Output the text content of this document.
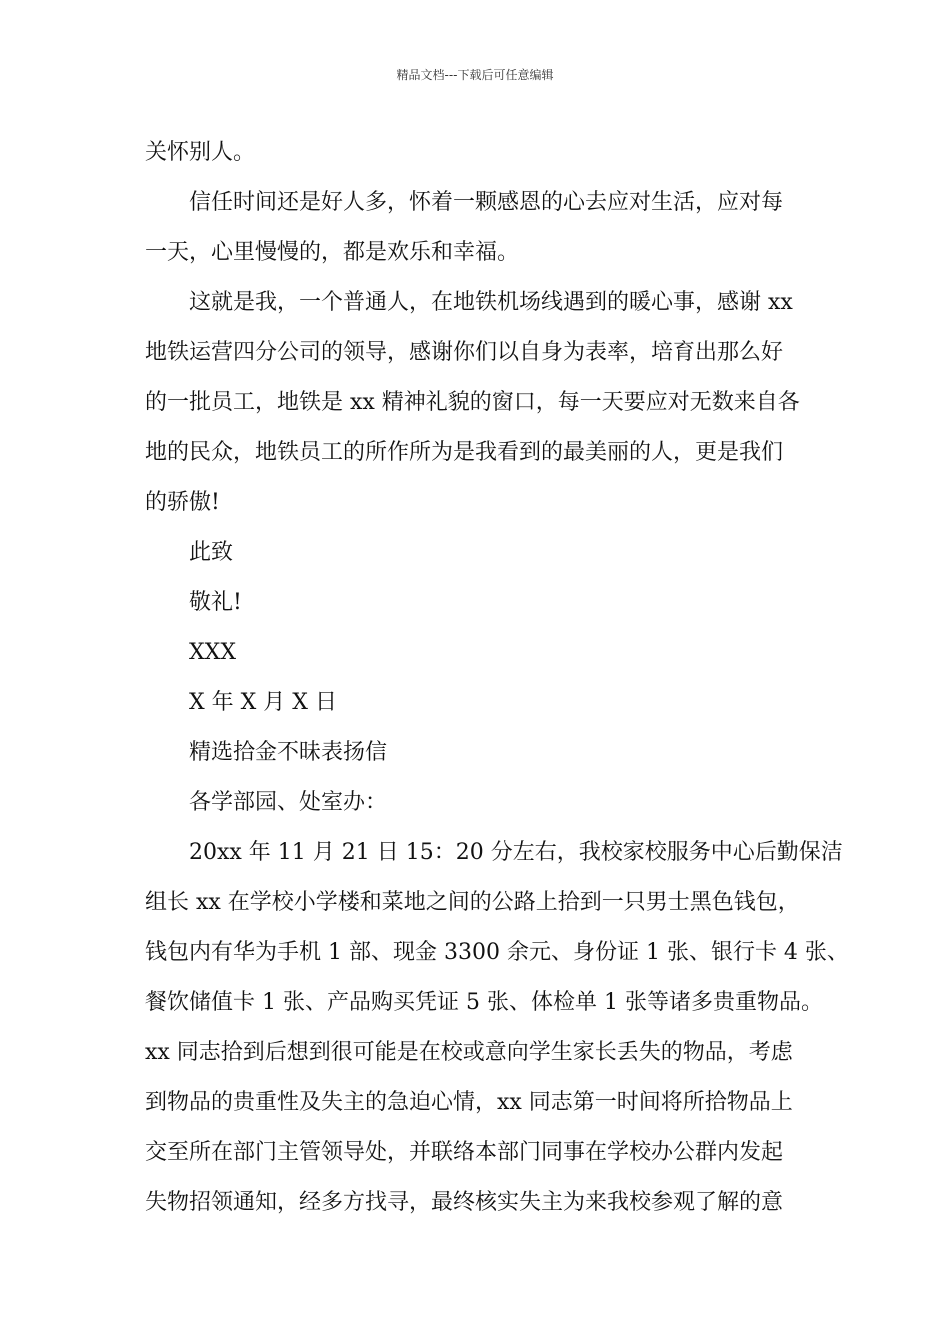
精品文档---下载后可任意编辑
关怀别人。
信任时间还是好人多，怀着一颗感恩的心去应对生活，应对每
一天，心里慢慢的，都是欢乐和幸福。
这就是我，一个普通人，在地铁机场线遇到的暖心事，感谢 xx
地铁运营四分公司的领导，感谢你们以自身为表率，培育出那么好
的一批员工，地铁是 xx 精神礼貌的窗口，每一天要应对无数来自各
地的民众，地铁员工的所作所为是我看到的最美丽的人，更是我们
的骄傲!
此致
敬礼!
XXX
X 年 X 月 X 日
精选拾金不昧表扬信
各学部园、处室办：
20xx 年 11 月 21 日 15：20 分左右，我校家校服务中心后勤保洁
组长 xx 在学校小学楼和菜地之间的公路上拾到一只男士黑色钱包，
钱包内有华为手机 1 部、现金 3300 余元、身份证 1 张、银行卡 4 张、
餐饮储值卡 1 张、产品购买凭证 5 张、体检单 1 张等诸多贵重物品。
xx 同志拾到后想到很可能是在校或意向学生家长丢失的物品，考虑
到物品的贵重性及失主的急迫心情，xx 同志第一时间将所拾物品上
交至所在部门主管领导处，并联络本部门同事在学校办公群内发起
失物招领通知，经多方找寻，最终核实失主为来我校参观了解的意
